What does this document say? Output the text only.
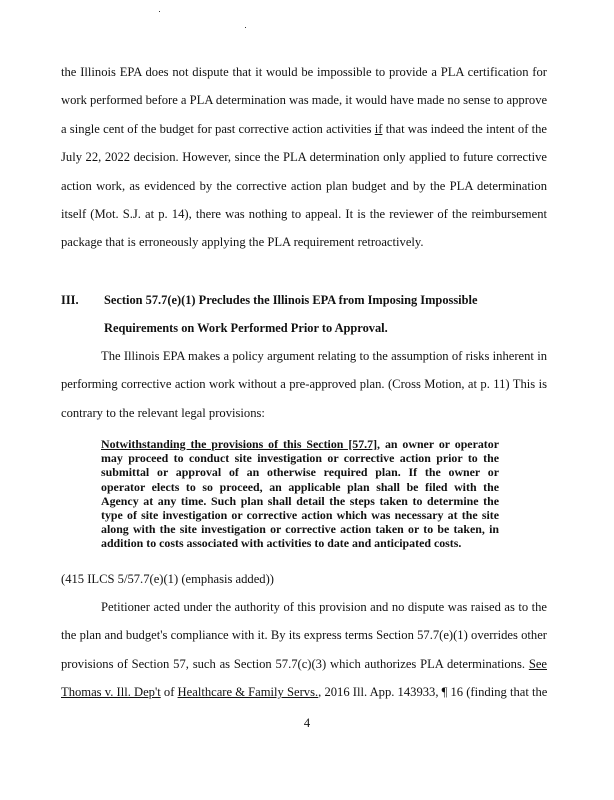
the Illinois EPA does not dispute that it would be impossible to provide a PLA certification for
work performed before a PLA determination was made, it would have made no sense to approve
a single cent of the budget for past corrective action activities if that was indeed the intent of the
July 22, 2022 decision. However, since the PLA determination only applied to future corrective
action work, as evidenced by the corrective action plan budget and by the PLA determination
itself (Mot. S.J. at p. 14), there was nothing to appeal. It is the reviewer of the reimbursement
package that is erroneously applying the PLA requirement retroactively.
III. Section 57.7(e)(1) Precludes the Illinois EPA from Imposing Impossible
Requirements on Work Performed Prior to Approval.
The Illinois EPA makes a policy argument relating to the assumption of risks inherent in
performing corrective action work without a pre-approved plan. (Cross Motion, at p. 11) This is
contrary to the relevant legal provisions:
Notwithstanding the provisions of this Section [57.7], an owner or operator
may proceed to conduct site investigation or corrective action prior to the
submittal or approval of an otherwise required plan. If the owner or
operator elects to so proceed, an applicable plan shall be filed with the
Agency at any time. Such plan shall detail the steps taken to determine the
type of site investigation or corrective action which was necessary at the site
along with the site investigation or corrective action taken or to be taken, in
addition to costs associated with activities to date and anticipated costs.
(415 ILCS 5/57.7(e)(1) (emphasis added))
Petitioner acted under the authority of this provision and no dispute was raised as to the
the plan and budget's compliance with it. By its express terms Section 57.7(e)(1) overrides other
provisions of Section 57, such as Section 57.7(c)(3) which authorizes PLA determinations. See
Thomas v. Ill. Dep't of Healthcare & Family Servs., 2016 Ill. App. 143933, ¶ 16 (finding that the
4
